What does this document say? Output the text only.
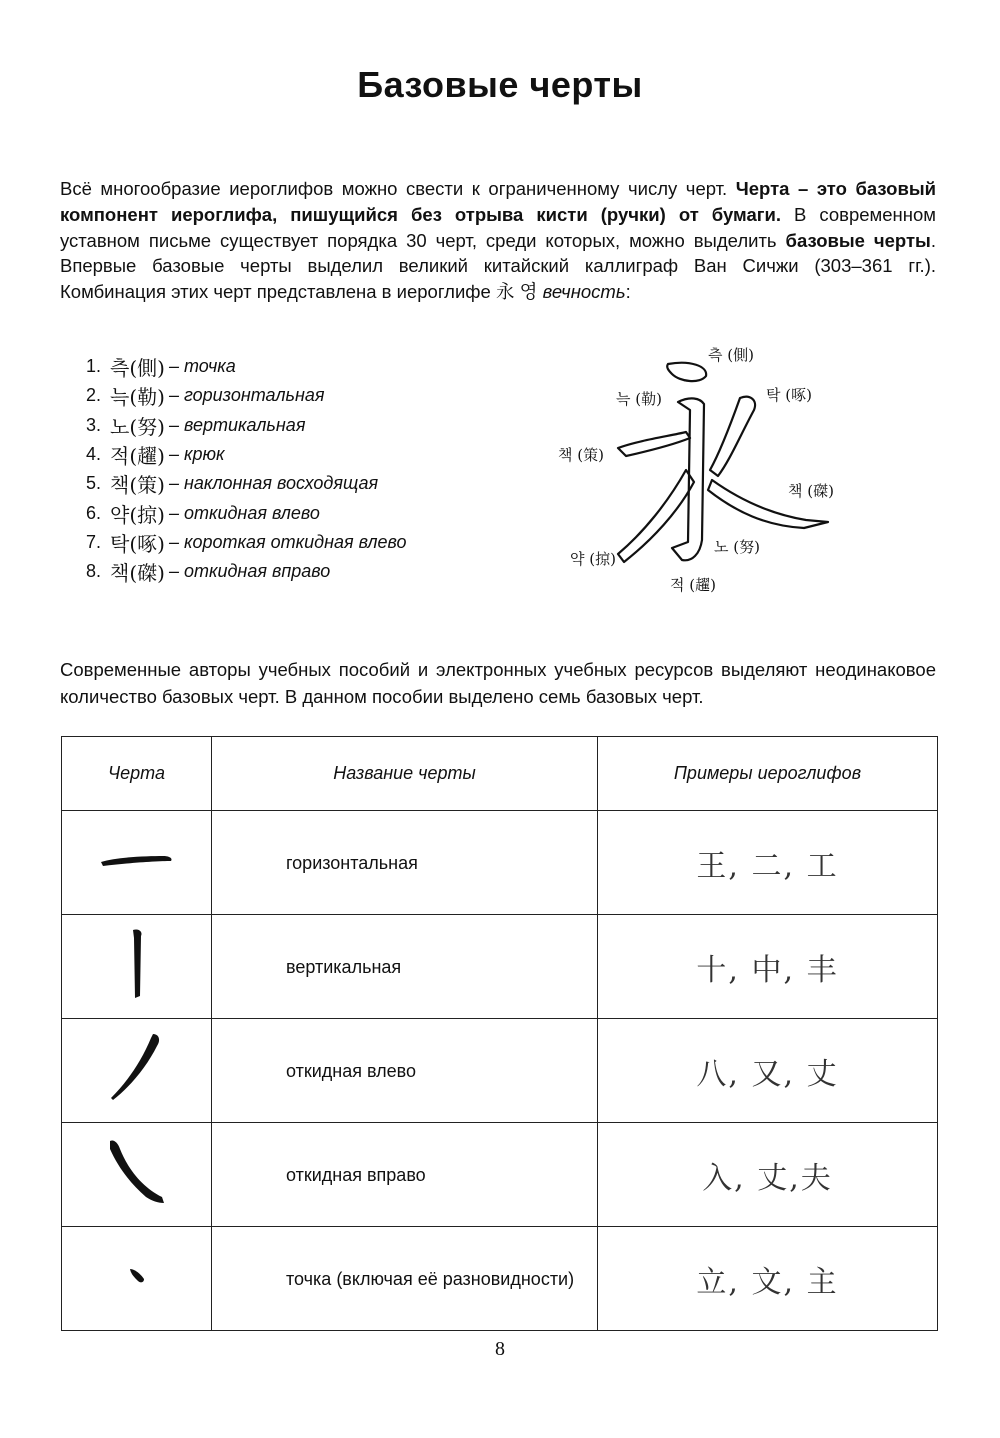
Базовые черты

Всё многообразие иероглифов можно свести к ограниченному числу черт. Черта – это базовый компонент иероглифа, пишущийся без отрыва кисти (ручки) от бумаги. В современном уставном письме существует порядка 30 черт, среди которых, можно выделить базовые черты. Впервые базовые черты выделил великий китайский каллиграф Ван Сичжи (303–361 гг.). Комбинация этих черт представлена в иероглифе 永 영 вечность:

1. 측 (側) – точка
2. 늑 (勒) – горизонтальная
3. 노 (努) – вертикальная
4. 적 (趯) – крюк
5. 책 (策) – наклонная восходящая
6. 약 (掠) – откидная влево
7. 탁 (啄) – короткая откидная влево
8. 책 (磔) – откидная вправо
측 (側)
늑 (勒)	탁 (啄)
책 (策)
책 (磔)
노 (努)
약 (掠)
적 (趯)

Современные авторы учебных пособий и электронных учебных ресурсов выделяют неодинаковое количество базовых черт. В данном пособии выделено семь базовых черт.

Черта	Название черты	Примеры иероглифов
	горизонтальная	王, 二, 工
	вертикальная	十, 中, 丰
	откидная влево	八, 又, 丈
	откидная вправо	入, 丈,夫
	точка (включая её разновидности)	立, 文, 主
8
